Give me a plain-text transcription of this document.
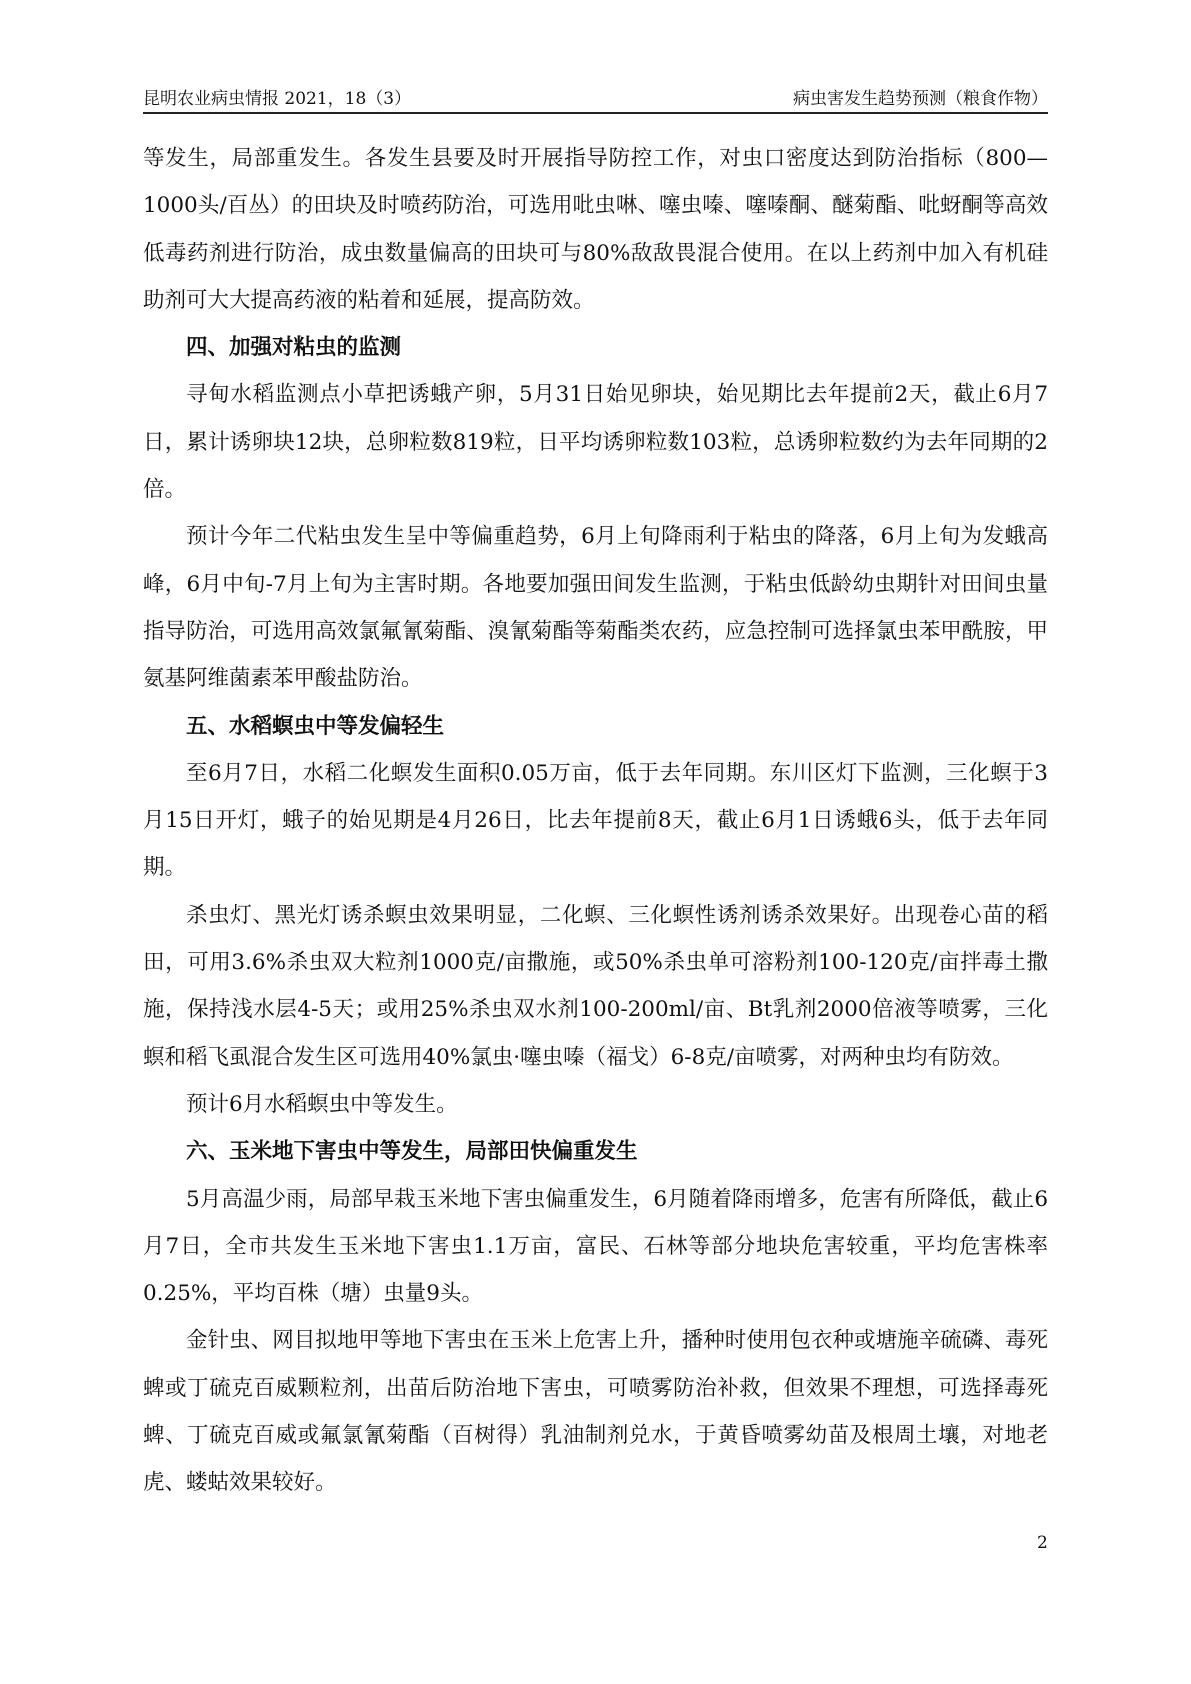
昆明农业病虫情报 2021，18（3）	病虫害发生趋势预测（粮食作物）

等发生，局部重发生。各发生县要及时开展指导防控工作，对虫口密度达到防治指标（800—1000头/百丛）的田块及时喷药防治，可选用吡虫啉、噻虫嗪、噻嗪酮、醚菊酯、吡蚜酮等高效低毒药剂进行防治，成虫数量偏高的田块可与80%敌敌畏混合使用。在以上药剂中加入有机硅助剂可大大提高药液的粘着和延展，提高防效。

四、加强对粘虫的监测

寻甸水稻监测点小草把诱蛾产卵，5月31日始见卵块，始见期比去年提前2天，截止6月7日，累计诱卵块12块，总卵粒数819粒，日平均诱卵粒数103粒，总诱卵粒数约为去年同期的2倍。

预计今年二代粘虫发生呈中等偏重趋势，6月上旬降雨利于粘虫的降落，6月上旬为发蛾高峰，6月中旬-7月上旬为主害时期。各地要加强田间发生监测，于粘虫低龄幼虫期针对田间虫量指导防治，可选用高效氯氟氰菊酯、溴氰菊酯等菊酯类农药，应急控制可选择氯虫苯甲酰胺，甲氨基阿维菌素苯甲酸盐防治。

五、水稻螟虫中等发偏轻生

至6月7日，水稻二化螟发生面积0.05万亩，低于去年同期。东川区灯下监测，三化螟于3月15日开灯，蛾子的始见期是4月26日，比去年提前8天，截止6月1日诱蛾6头，低于去年同期。

杀虫灯、黑光灯诱杀螟虫效果明显，二化螟、三化螟性诱剂诱杀效果好。出现卷心苗的稻田，可用3.6%杀虫双大粒剂1000克/亩撒施，或50%杀虫单可溶粉剂100-120克/亩拌毒土撒施，保持浅水层4-5天；或用25%杀虫双水剂100-200ml/亩、Bt乳剂2000倍液等喷雾，三化螟和稻飞虱混合发生区可选用40%氯虫·噻虫嗪（福戈）6-8克/亩喷雾，对两种虫均有防效。

预计6月水稻螟虫中等发生。

六、玉米地下害虫中等发生，局部田快偏重发生

5月高温少雨，局部早栽玉米地下害虫偏重发生，6月随着降雨增多，危害有所降低，截止6月7日，全市共发生玉米地下害虫1.1万亩，富民、石林等部分地块危害较重，平均危害株率0.25%，平均百株（塘）虫量9头。

金针虫、网目拟地甲等地下害虫在玉米上危害上升，播种时使用包衣种或塘施辛硫磷、毒死蜱或丁硫克百威颗粒剂，出苗后防治地下害虫，可喷雾防治补救，但效果不理想，可选择毒死蜱、丁硫克百威或氟氯氰菊酯（百树得）乳油制剂兑水，于黄昏喷雾幼苗及根周土壤，对地老虎、蝼蛄效果较好。

2
